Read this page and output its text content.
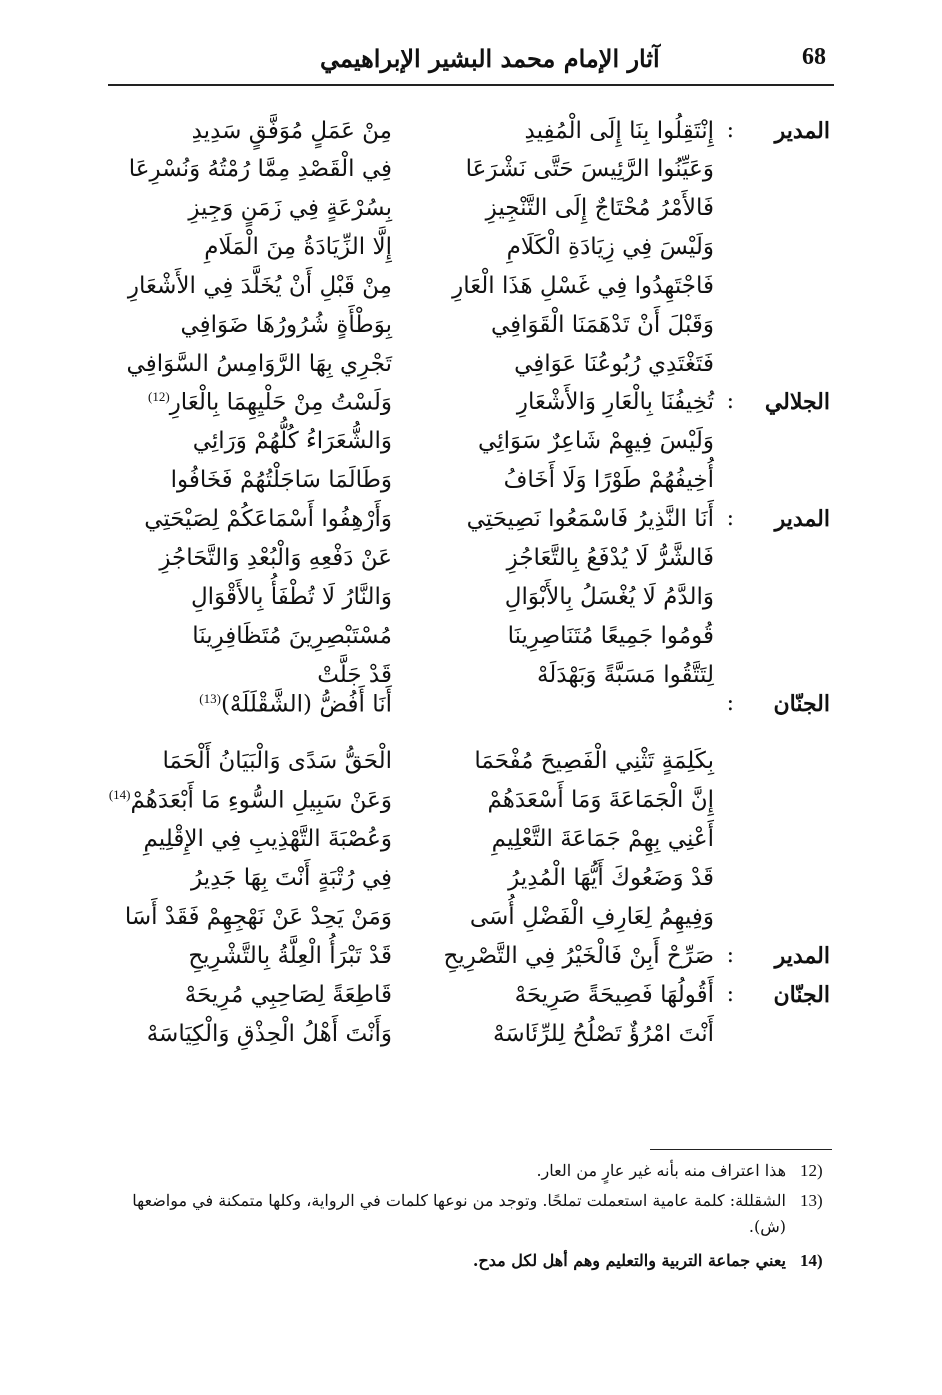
68
آثار الإمام محمد البشير الإبراهيمي
المدير
:
إِنْتَقِلُوا بِنَا إِلَى الْمُفِيدِ
مِنْ عَمَلٍ مُوَفَّقٍ سَدِيدِ
وَعَيِّنُوا الرَّئِيسَ حَتَّى نَشْرَعَا
فِي الْقَصْدِ مِمَّا رُمْتُهُ وَنُسْرِعَا
فَالأَمْرُ مُحْتَاجٌ إِلَى التَّنْجِيزِ
بِسُرْعَةٍ فِي زَمَنٍ وَجِيزِ
وَلَيْسَ فِي زِيَادَةِ الْكَلَامِ
إِلَّا الزِّيَادَةُ مِنَ الْمَلَامِ
فَاجْتَهِدُوا فِي غَسْلِ هَذَا الْعَارِ
مِنْ قَبْلِ أَنْ يُخَلَّدَ فِي الأَشْعَارِ
وَقَبْلَ أَنْ تَدْهَمَنَا الْقَوَافِي
بِوَطْأَةٍ شُرُورُهَا ضَوَافِي
فَتَغْتَدِي رُبُوعُنَا عَوَافِي
تَجْرِي بِهَا الرَّوَامِسُ السَّوَافِي
الجلالي
:
تُخِيفُنَا بِالْعَارِ وَالأَشْعَارِ
وَلَسْتُ مِنْ حَلْيِهِمَا بِالْعَارِ$^{(12)}$
وَلَيْسَ فِيهِمْ شَاعِرٌ سَوَائِي
وَالشُّعَرَاءُ كُلُّهُمْ وَرَائِي
أُخِيفُهُمْ طَوْرًا وَلَا أَخَافُ
وَطَالَمَا سَاجَلْتُهُمْ فَخَافُوا
المدير
:
أَنَا النَّذِيرُ فَاسْمَعُوا نَصِيحَتِي
وَأَرْهِفُوا أَسْمَاعَكُمْ لِصَيْحَتِي
فَالشَّرُّ لَا يُدْفَعُ بِالتَّعَاجُزِ
عَنْ دَفْعِهِ وَالْبُعْدِ وَالتَّحَاجُزِ
وَالدَّمُ لَا يُغْسَلُ بِالأَبْوَالِ
وَالنَّارُ لَا تُطْفَأُ بِالأَقْوَالِ
قُومُوا جَمِيعًا مُتَنَاصِرِينَا
مُسْتَبْصِرِينَ مُتَظَافِرِينَا
لِتَتَّقُوا مَسَبَّةً وَبَهْدَلَهْ
قَدْ جَلَّتْ
الجنّان
:
أَنَا أَفُضُّ (الشَّقْلَلَهْ)$^{(13)}$
بِكَلِمَةٍ تَثْنِي الْفَصِيحَ مُفْحَمَا
الْحَقُّ سَدًى وَالْبَيَانُ أَلْحَمَا
إِنَّ الْجَمَاعَةَ وَمَا أَسْعَدَهُمْ
وَعَنْ سَبِيلِ السُّوءِ مَا أَبْعَدَهُمْ$^{(14)}$
أَعْنِي بِهِمْ جَمَاعَةَ التَّعْلِيمِ
وَعُصْبَةَ التَّهْذِيبِ فِي الإِقْلِيمِ
قَدْ وَضَعُوكَ أَيُّهَا الْمُدِيرُ
فِي رُتْبَةٍ أَنْتَ بِهَا جَدِيرُ
وَفِيهِمُ لِعَارِفِ الْفَضْلِ أُسَى
وَمَنْ يَحِدْ عَنْ نَهْجِهِمْ فَقَدْ أَسَا
المدير
:
صَرِّحْ أَبِنْ فَالْخَيْرُ فِي التَّصْرِيحِ
قَدْ تَبْرَأُ الْعِلَّةُ بِالتَّشْرِيحِ
الجنّان
:
أَقُولُهَا فَصِيحَةً صَرِيحَهْ
قَاطِعَةً لِصَاحِبِي مُرِيحَهْ
أَنْتَ امْرُؤٌ تَصْلُحُ لِلرِّئَاسَهْ
وَأَنْتَ أَهْلُ الْحِذْقِ وَالْكِيَاسَهْ
12)
هذا اعتراف منه بأنه غير عارٍ من العار.
13)
الشقللة: كلمة عامية استعملت تملحًا. وتوجد من نوعها كلمات في الرواية، وكلها متمكنة في مواضعها (ش).
14)
يعني جماعة التربية والتعليم وهم أهل لكل مدح.
